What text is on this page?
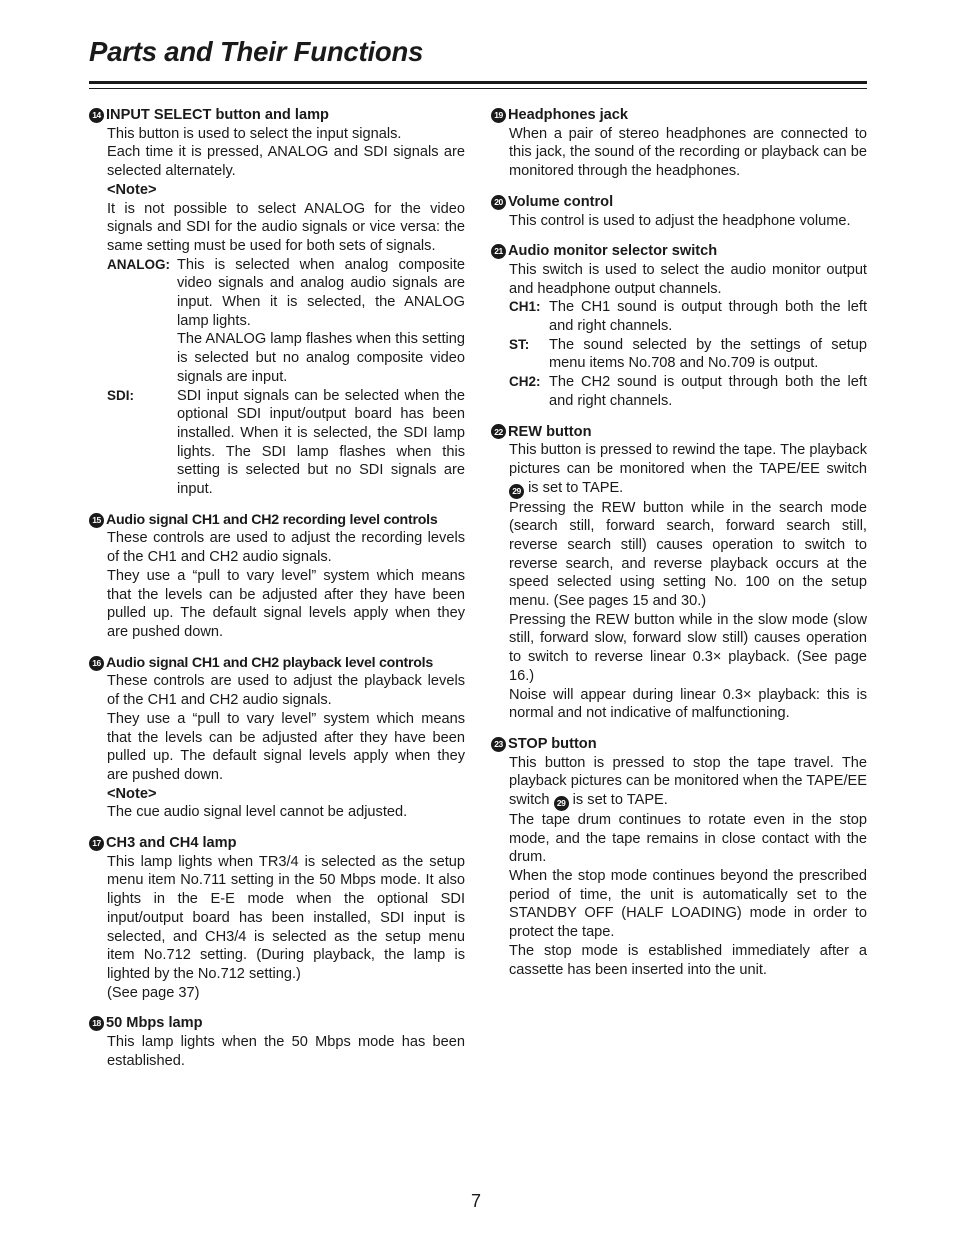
Parts and Their Functions
14 INPUT SELECT button and lamp
This button is used to select the input signals.
Each time it is pressed, ANALOG and SDI signals are selected alternately.
<Note>
It is not possible to select ANALOG for the video signals and SDI for the audio signals or vice versa: the same setting must be used for both sets of signals.
ANALOG: This is selected when analog composite video signals and analog audio signals are input. When it is selected, the ANALOG lamp lights.

The ANALOG lamp flashes when this setting is selected but no analog composite video signals are input.

SDI:	SDI input signals can be selected when the optional SDI input/output board has been installed. When it is selected, the SDI lamp lights. The SDI lamp flashes when this setting is selected but no SDI signals are input.

15 Audio signal CH1 and CH2 recording level controls
These controls are used to adjust the recording levels of the CH1 and CH2 audio signals.
They use a “pull to vary level” system which means that the levels can be adjusted after they have been pulled up. The default signal levels apply when they are pushed down.
16 Audio signal CH1 and CH2 playback level controls
These controls are used to adjust the playback levels of the CH1 and CH2 audio signals.
They use a “pull to vary level” system which means that the levels can be adjusted after they have been pulled up. The default signal levels apply when they are pushed down.
<Note>
The cue audio signal level cannot be adjusted.
17 CH3 and CH4 lamp
This lamp lights when TR3/4 is selected as the setup menu item No.711 setting in the 50 Mbps mode. It also lights in the E-E mode when the optional SDI input/output board has been installed, SDI input is selected, and CH3/4 is selected as the setup menu item No.712 setting. (During playback, the lamp is lighted by the No.712 setting.)
(See page 37)
18 50 Mbps lamp
This lamp lights when the 50 Mbps mode has been established.
19 Headphones jack
When a pair of stereo headphones are connected to this jack, the sound of the recording or playback can be monitored through the headphones.
20 Volume control
This control is used to adjust the headphone volume.
21 Audio monitor selector switch
This switch is used to select the audio monitor output and headphone output channels.
CH1: The CH1 sound is output through both the left and right channels.

ST:	The sound selected by the settings of setup menu items No.708 and No.709 is output.

CH2: The CH2 sound is output through both the left and right channels.

22 REW button
This button is pressed to rewind the tape. The playback pictures can be monitored when the TAPE/EE switch 29 is set to TAPE.
Pressing the REW button while in the search mode (search still, forward search, forward search still, reverse search still) causes operation to switch to reverse search, and reverse playback occurs at the speed selected using setting No. 100 on the setup menu. (See pages 15 and 30.)
Pressing the REW button while in the slow mode (slow still, forward slow, forward slow still) causes operation to switch to reverse linear 0.3× playback. (See page 16.)
Noise will appear during linear 0.3× playback: this is normal and not indicative of malfunctioning.
23 STOP button
This button is pressed to stop the tape travel. The playback pictures can be monitored when the TAPE/EE switch 29 is set to TAPE.
The tape drum continues to rotate even in the stop mode, and the tape remains in close contact with the drum.
When the stop mode continues beyond the prescribed period of time, the unit is automatically set to the STANDBY OFF (HALF LOADING) mode in order to protect the tape.
The stop mode is established immediately after a cassette has been inserted into the unit.
7
